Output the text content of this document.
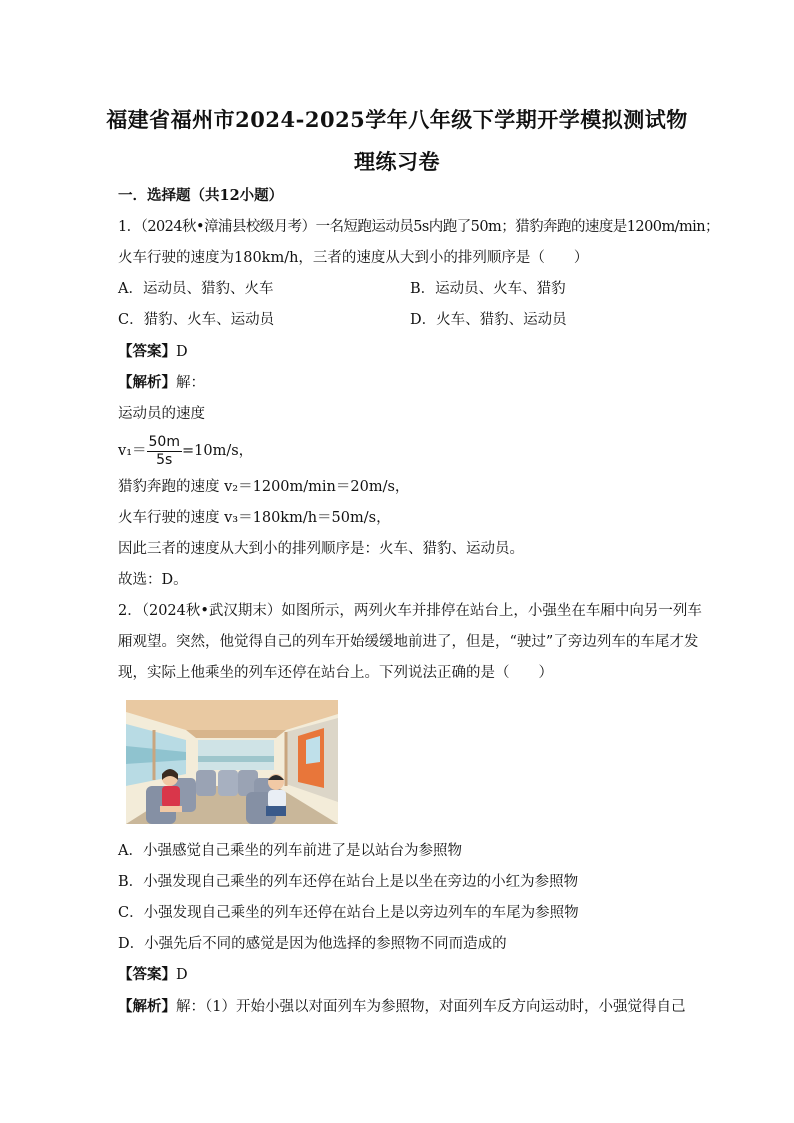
福建省福州市2024-2025学年八年级下学期开学模拟测试物
理练习卷
一．选择题（共12小题）
1．（2024秋•漳浦县校级月考）一名短跑运动员5s内跑了50m；猎豹奔跑的速度是1200m/min；
火车行驶的速度为180km/h，三者的速度从大到小的排列顺序是（　　）
A．运动员、猎豹、火车	B．运动员、火车、猎豹
C．猎豹、火车、运动员	D．火车、猎豹、运动员
【答案】D
【解析】解：
运动员的速度
$v_1= \frac{50m}{5s} =10m/s$，
猎豹奔跑的速度 v₂＝1200m/min＝20m/s，
火车行驶的速度 v₃＝180km/h＝50m/s，
因此三者的速度从大到小的排列顺序是：火车、猎豹、运动员。
故选：D。
2．（2024秋•武汉期末）如图所示，两列火车并排停在站台上，小强坐在车厢中向另一列车
厢观望。突然，他觉得自己的列车开始缓缓地前进了，但是，“驶过”了旁边列车的车尾才发
现，实际上他乘坐的列车还停在站台上。下列说法正确的是（　　）
A．小强感觉自己乘坐的列车前进了是以站台为参照物
B．小强发现自己乘坐的列车还停在站台上是以坐在旁边的小红为参照物
C．小强发现自己乘坐的列车还停在站台上是以旁边列车的车尾为参照物
D．小强先后不同的感觉是因为他选择的参照物不同而造成的
【答案】D
【解析】解：（1）开始小强以对面列车为参照物，对面列车反方向运动时，小强觉得自己
